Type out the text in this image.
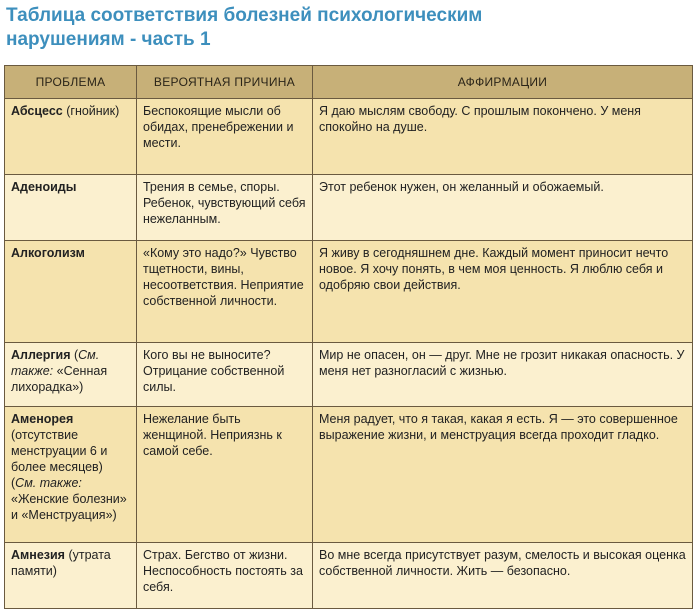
Таблица соответствия болезней психологическим
нарушениям - часть 1
ПРОБЛЕМА	ВЕРОЯТНАЯ ПРИЧИНА	АФФИРМАЦИИ
Абсцесс (гнойник)	Беспокоящие мысли об обидах, пренебрежении и мести.	Я даю мыслям свободу. С прошлым покончено. У меня спокойно на душе.
Аденоиды	Трения в семье, споры. Ребенок, чувствующий себя нежеланным.	Этот ребенок нужен, он желанный и обожаемый.
Алкоголизм	«Кому это надо?» Чувство тщетности, вины, несоответствия. Неприятие собственной личности.	Я живу в сегодняшнем дне. Каждый момент приносит нечто новое. Я хочу понять, в чем моя ценность. Я люблю себя и одобряю свои действия.
Аллергия (См. также: «Сенная лихорадка»)	Кого вы не выносите? Отрицание собственной силы.	Мир не опасен, он — друг. Мне не грозит никакая опасность. У меня нет разногласий с жизнью.
Аменорея (отсутствие менструации 6 и более месяцев) (См. также: «Женские болезни» и «Менструация»)	Нежелание быть женщиной. Неприязнь к самой себе.	Меня радует, что я такая, какая я есть. Я — это совершенное выражение жизни, и менструация всегда проходит гладко.
Амнезия (утрата памяти)	Страх. Бегство от жизни. Неспособность постоять за себя.	Во мне всегда присутствует разум, смелость и высокая оценка собственной личности. Жить — безопасно.
